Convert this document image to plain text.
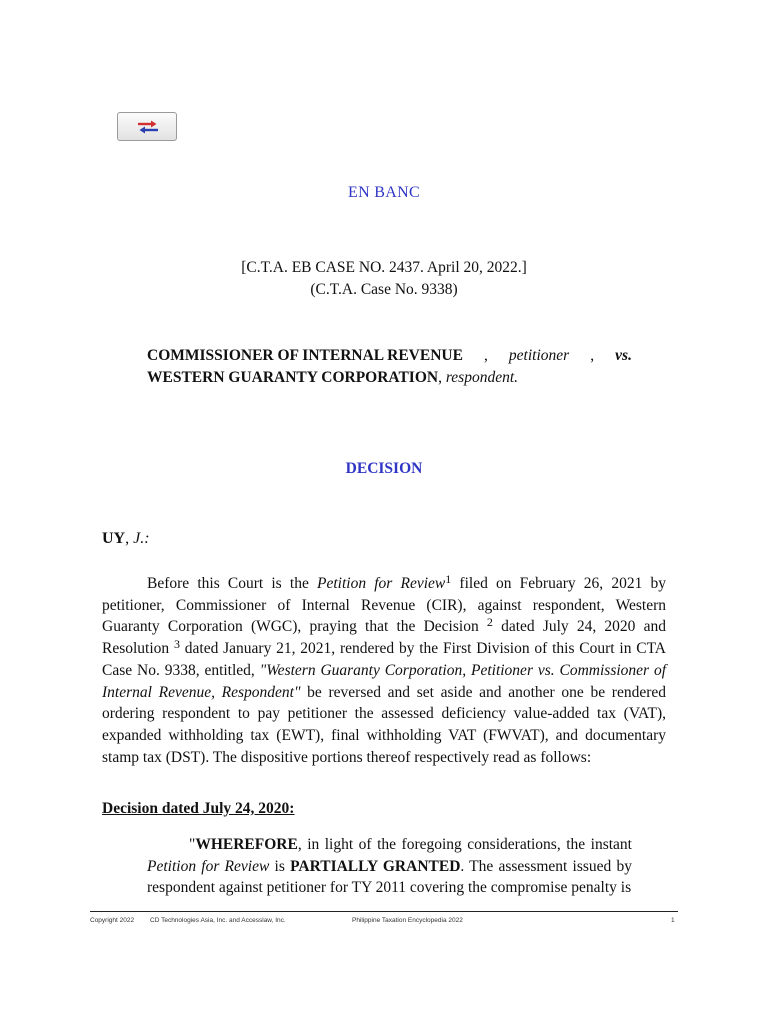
EN BANC
[C.T.A. EB CASE NO. 2437. April 20, 2022.]
(C.T.A. Case No. 9338)
COMMISSIONER OF INTERNAL REVENUE , petitioner , vs.
WESTERN GUARANTY CORPORATION, respondent.
DECISION
UY, J.:
Before this Court is the Petition for Review$^1$ filed on February 26, 2021 by petitioner, Commissioner of Internal Revenue (CIR), against respondent, Western Guaranty Corporation (WGC), praying that the Decision $^2$ dated July 24, 2020 and Resolution $^3$ dated January 21, 2021, rendered by the First Division of this Court in CTA Case No. 9338, entitled, "Western Guaranty Corporation, Petitioner vs. Commissioner of Internal Revenue, Respondent" be reversed and set aside and another one be rendered ordering respondent to pay petitioner the assessed deficiency value-added tax (VAT), expanded withholding tax (EWT), final withholding VAT (FWVAT), and documentary stamp tax (DST). The dispositive portions thereof respectively read as follows:
Decision dated July 24, 2020:
"WHEREFORE, in light of the foregoing considerations, the instant Petition for Review is PARTIALLY GRANTED. The assessment issued by respondent against petitioner for TY 2011 covering the compromise penalty is
Copyright 2022 CD Technologies Asia, Inc. and Accesslaw, Inc.	Philippine Taxation Encyclopedia 2022	1
